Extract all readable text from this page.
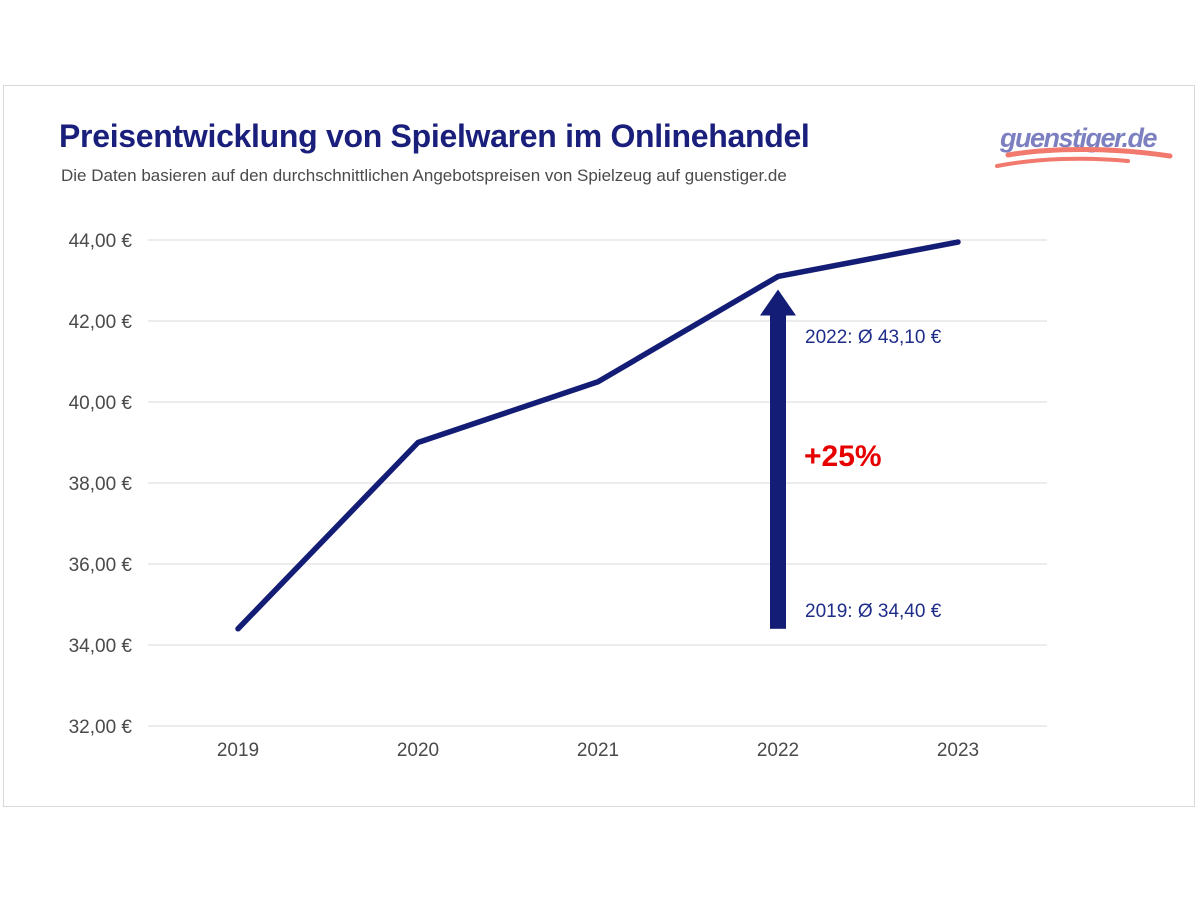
Preisentwicklung von Spielwaren im Onlinehandel
Die Daten basieren auf den durchschnittlichen Angebotspreisen von Spielzeug auf guenstiger.de
guenstiger.de
32,00 €
34,00 €
36,00 €
38,00 €
40,00 €
42,00 €
44,00 €
2019	2020	2021	2022	2023
2022: Ø 43,10 €
+25%
2019: Ø 34,40 €
